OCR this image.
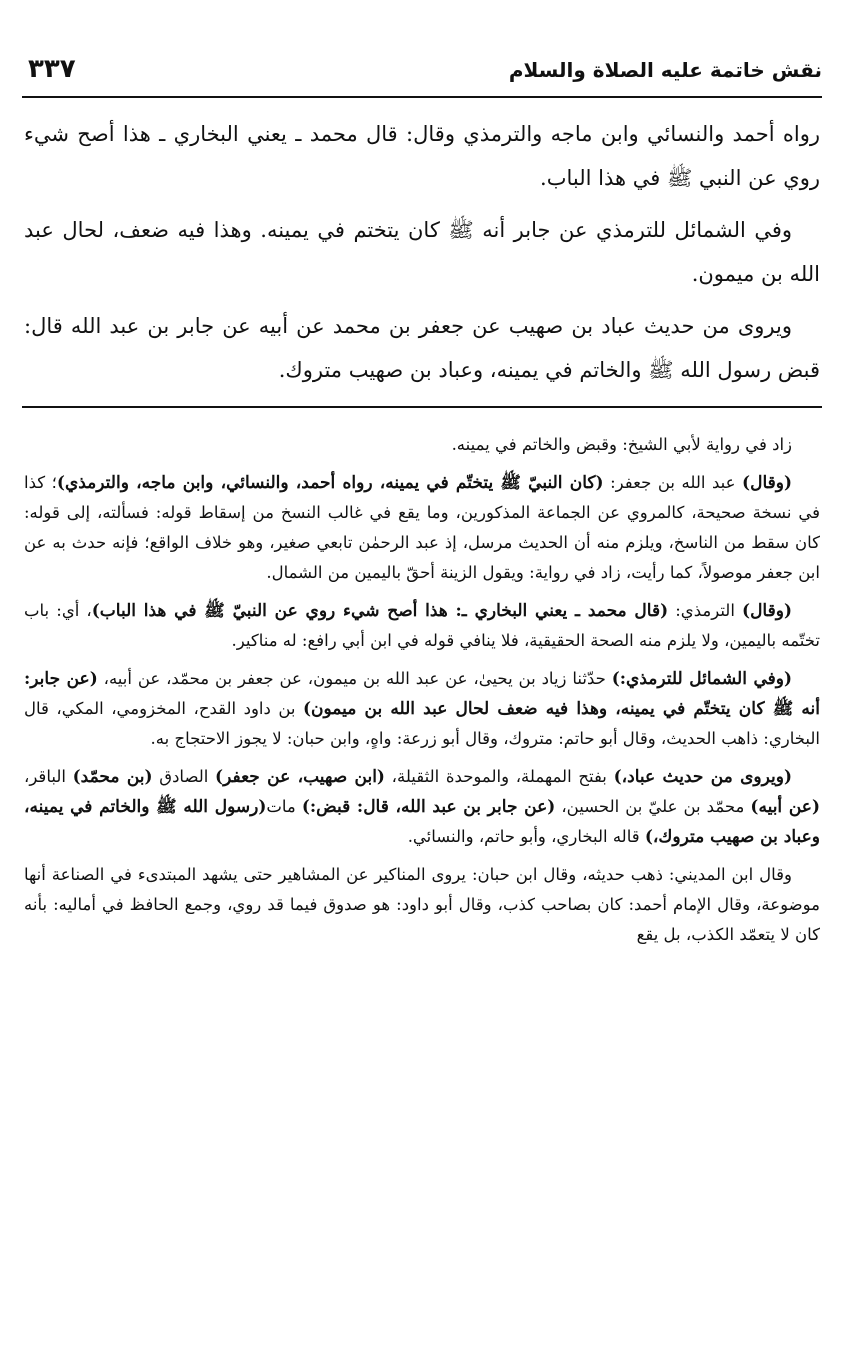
نقش خاتمة عليه الصلاة والسلام
٣٣٧

رواه أحمد والنسائي وابن ماجه والترمذي وقال: قال محمد ـ يعني البخاري ـ هذا أصح شيء روي عن النبي ﷺ في هذا الباب.

وفي الشمائل للترمذي عن جابر أنه ﷺ كان يتختم في يمينه. وهذا فيه ضعف، لحال عبد الله بن ميمون.

ويروى من حديث عباد بن صهيب عن جعفر بن محمد عن أبيه عن جابر بن عبد الله قال: قبض رسول الله ﷺ والخاتم في يمينه، وعباد بن صهيب متروك.

زاد في رواية لأبي الشيخ: وقبض والخاتم في يمينه.

(وقال) عبد الله بن جعفر: (كان النبيّ ﷺ يتختّم في يمينه، رواه أحمد، والنسائي، وابن ماجه، والترمذي)؛ كذا في نسخة صحيحة، كالمروي عن الجماعة المذكورين، وما يقع في غالب النسخ من إسقاط قوله: فسألته، إلى قوله: كان سقط من الناسخ، ويلزم منه أن الحديث مرسل، إذ عبد الرحمٰن تابعي صغير، وهو خلاف الواقع؛ فإنه حدث به عن ابن جعفر موصولاً، كما رأيت، زاد في رواية: ويقول الزينة أحقّ باليمين من الشمال.

(وقال) الترمذي: (قال محمد ـ يعني البخاري ـ: هذا أصح شيء روي عن النبيّ ﷺ في هذا الباب)، أي: باب تختّمه باليمين، ولا يلزم منه الصحة الحقيقية، فلا ينافي قوله في ابن أبي رافع: له مناكير.

(وفي الشمائل للترمذي:) حدّثنا زياد بن يحيىٰ، عن عبد الله بن ميمون، عن جعفر بن محمّد، عن أبيه، (عن جابر: أنه ﷺ كان يتختّم في يمينه، وهذا فيه ضعف لحال عبد الله بن ميمون) بن داود القدح، المخزومي، المكي، قال البخاري: ذاهب الحديث، وقال أبو حاتم: متروك، وقال أبو زرعة: واهٍ، وابن حبان: لا يجوز الاحتجاج به.

(ويروى من حديث عباد،) بفتح المهملة، والموحدة الثقيلة، (ابن صهيب، عن جعفر) الصادق (بن محمّد) الباقر، (عن أبيه) محمّد بن عليّ بن الحسين، (عن جابر بن عبد الله، قال: قبض:) مات(رسول الله ﷺ والخاتم في يمينه، وعباد بن صهيب متروك،) قاله البخاري، وأبو حاتم، والنسائي.

وقال ابن المديني: ذهب حديثه، وقال ابن حبان: يروى المناكير عن المشاهير حتى يشهد المبتدىء في الصناعة أنها موضوعة، وقال الإمام أحمد: كان بصاحب كذب، وقال أبو داود: هو صدوق فيما قد روي، وجمع الحافظ في أماليه: بأنه كان لا يتعمّد الكذب، بل يقع
